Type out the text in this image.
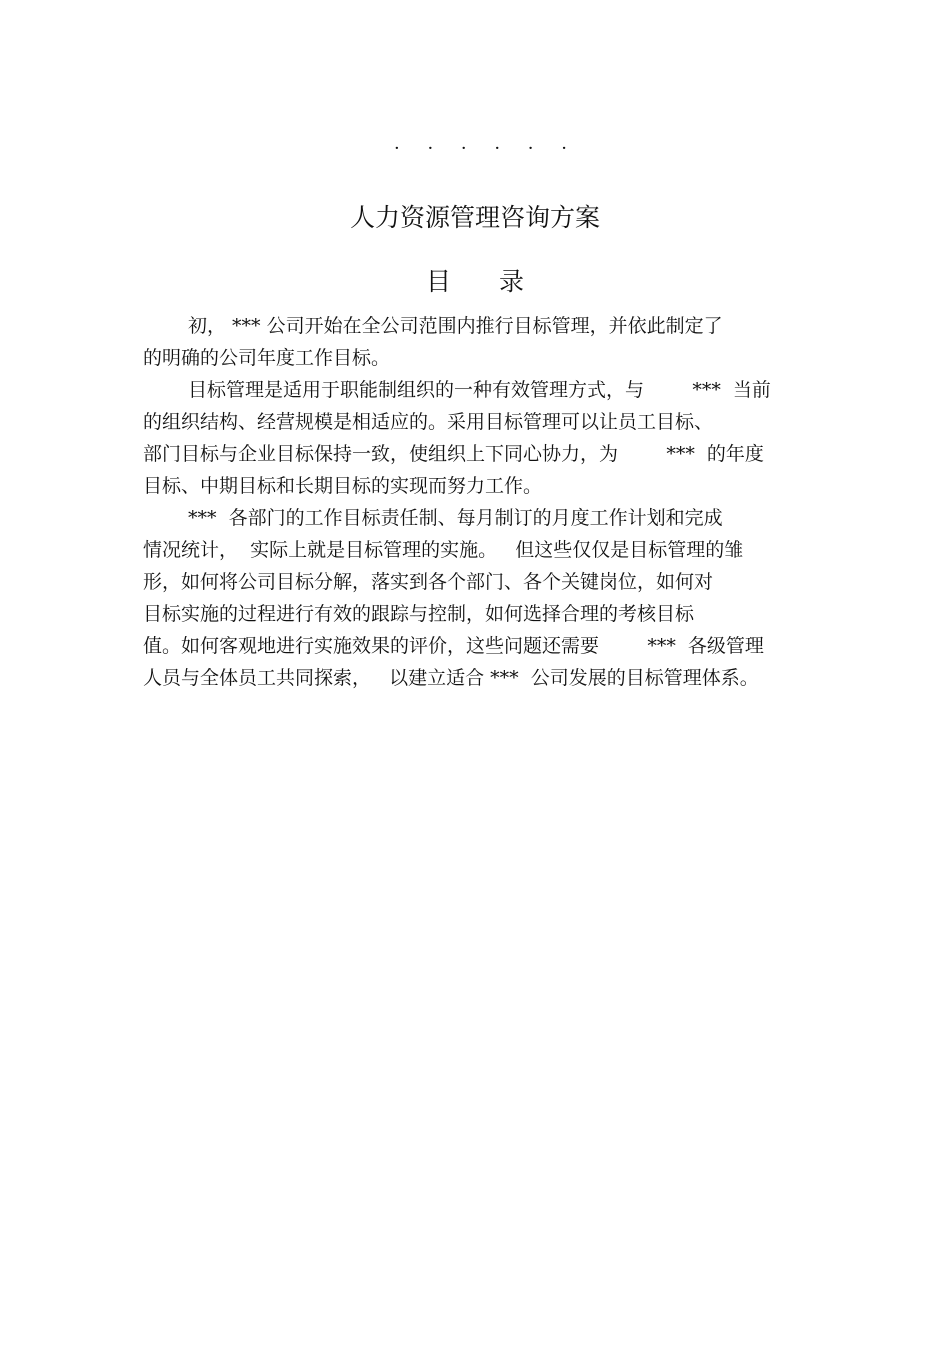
· · · · · ·
人力资源管理咨询方案
目 录
初， *** 公司开始在全公司范围内推行目标管理，并依此制定了
的明确的公司年度工作目标。
目标管理是适用于职能制组织的一种有效管理方式，与        ***  当前
的组织结构、经营规模是相适应的。采用目标管理可以让员工目标、
部门目标与企业目标保持一致，使组织上下同心协力，为        ***  的年度
目标、中期目标和长期目标的实现而努力工作。
***  各部门的工作目标责任制、每月制订的月度工作计划和完成
情况统计，  实际上就是目标管理的实施。   但这些仅仅是目标管理的雏
形，如何将公司目标分解，落实到各个部门、各个关键岗位，如何对
目标实施的过程进行有效的跟踪与控制，如何选择合理的考核目标
值。如何客观地进行实施效果的评价，这些问题还需要        ***  各级管理
人员与全体员工共同探索，   以建立适合 ***  公司发展的目标管理体系。
